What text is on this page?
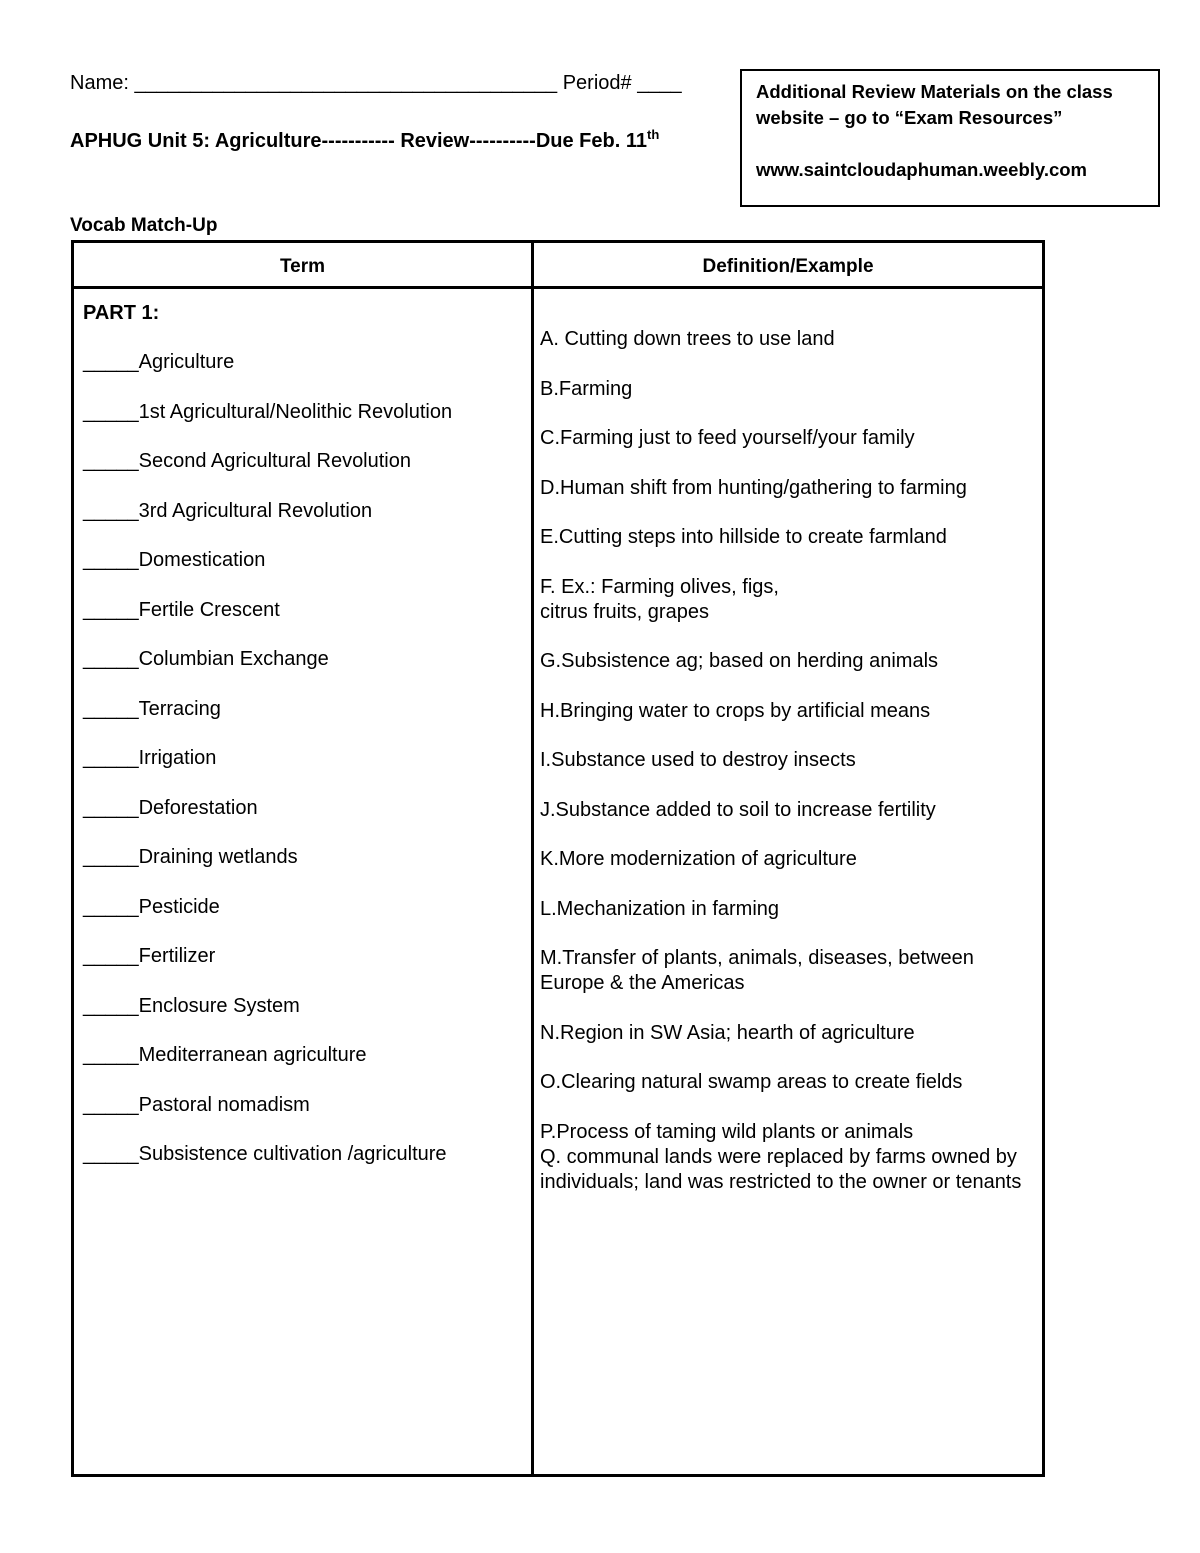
Name: ______________________________________ Period# ____
APHUG Unit 5: Agriculture----------- Review----------Due Feb. 11th
Additional Review Materials on the class website – go to “Exam Resources”
www.saintcloudaphuman.weebly.com
Vocab Match-Up
Term	Definition/Example
PART 1:
_____Agriculture
_____1st Agricultural/Neolithic Revolution
_____Second Agricultural Revolution
_____3rd Agricultural Revolution
_____Domestication
_____Fertile Crescent
_____Columbian Exchange
_____Terracing
_____Irrigation
_____Deforestation
_____Draining wetlands
_____Pesticide
_____Fertilizer
_____Enclosure System
_____Mediterranean agriculture
_____Pastoral nomadism
_____Subsistence cultivation /agriculture
A. Cutting down trees to use land
B.Farming
C.Farming just to feed yourself/your family
D.Human shift from hunting/gathering to farming
E.Cutting steps into hillside to create farmland
F. Ex.: Farming olives, figs, citrus fruits, grapes
G.Subsistence ag; based on herding animals
H.Bringing water to crops by artificial means
I.Substance used to destroy insects
J.Substance added to soil to increase fertility
K.More modernization of agriculture
L.Mechanization in farming
M.Transfer of plants, animals, diseases, between Europe & the Americas
N.Region in SW Asia; hearth of agriculture
O.Clearing natural swamp areas to create fields
P.Process of taming wild plants or animals
Q. communal lands were replaced by farms owned by individuals; land was restricted to the owner or tenants
